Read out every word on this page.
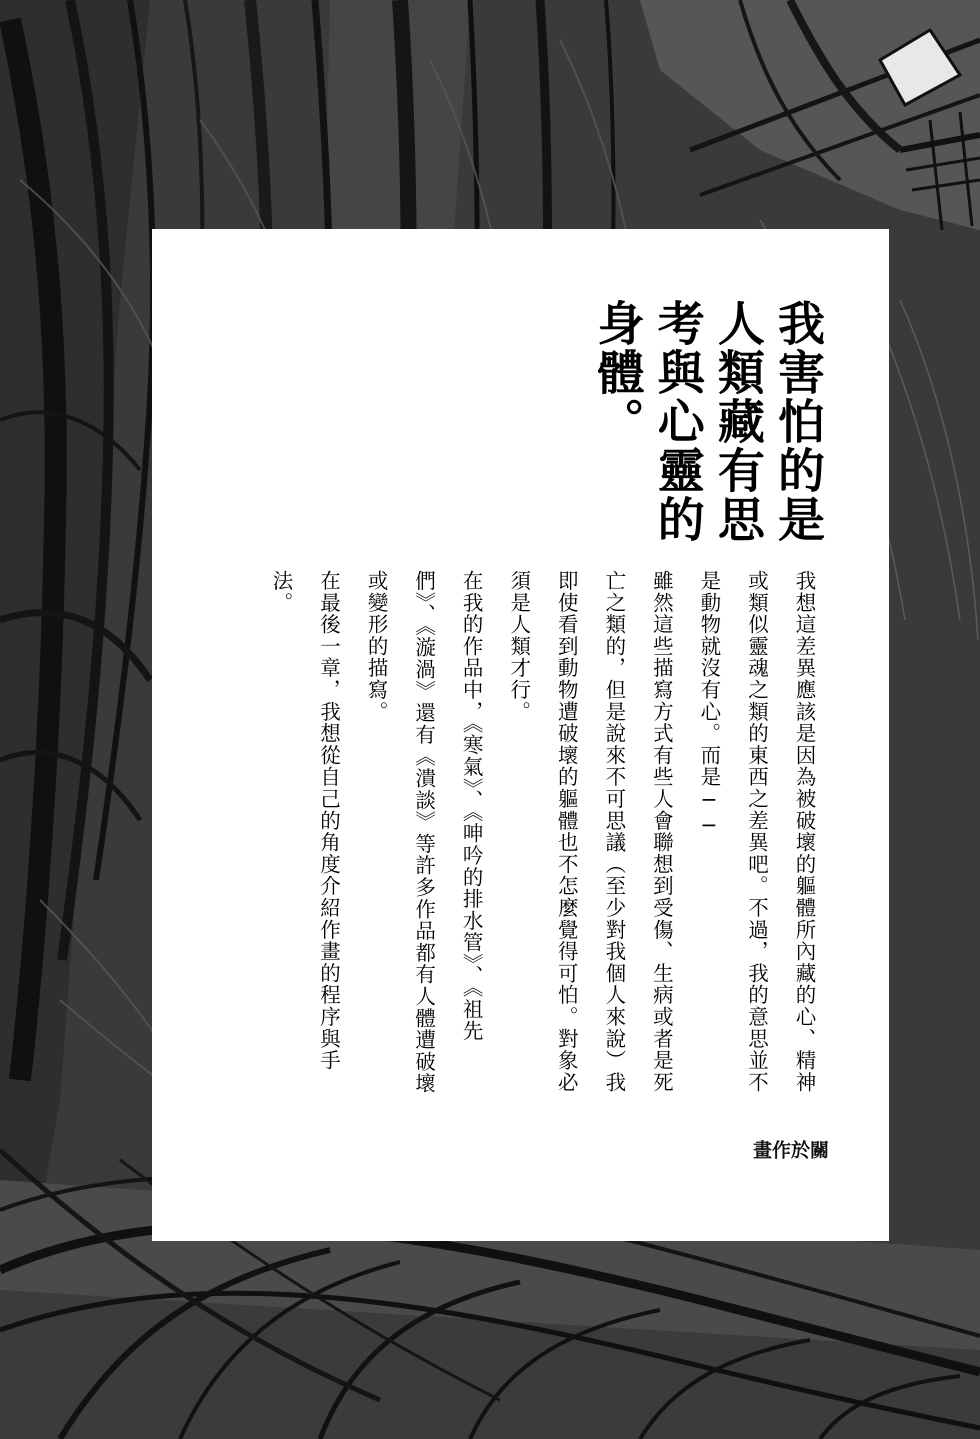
我害怕的是人類藏有思考與心靈的身體。

我想這差異應該是因為被破壞的軀體所內藏的心、精神或類似靈魂之類的東西之差異吧。不過，我的意思並不是動物就沒有心。而是──

雖然這些描寫方式有些人會聯想到受傷、生病或者是死亡之類的，但是說來不可思議（至少對我個人來說）我即使看到動物遭破壞的軀體也不怎麼覺得可怕。對象必須是人類才行。

在我的作品中，《寒氣》、《呻吟的排水管》、《祖先們》、《漩渦》還有《潰談》等許多作品都有人體遭破壞或變形的描寫。

在最後一章，我想從自己的角度介紹作畫的程序與手法。

關 於 作 畫
